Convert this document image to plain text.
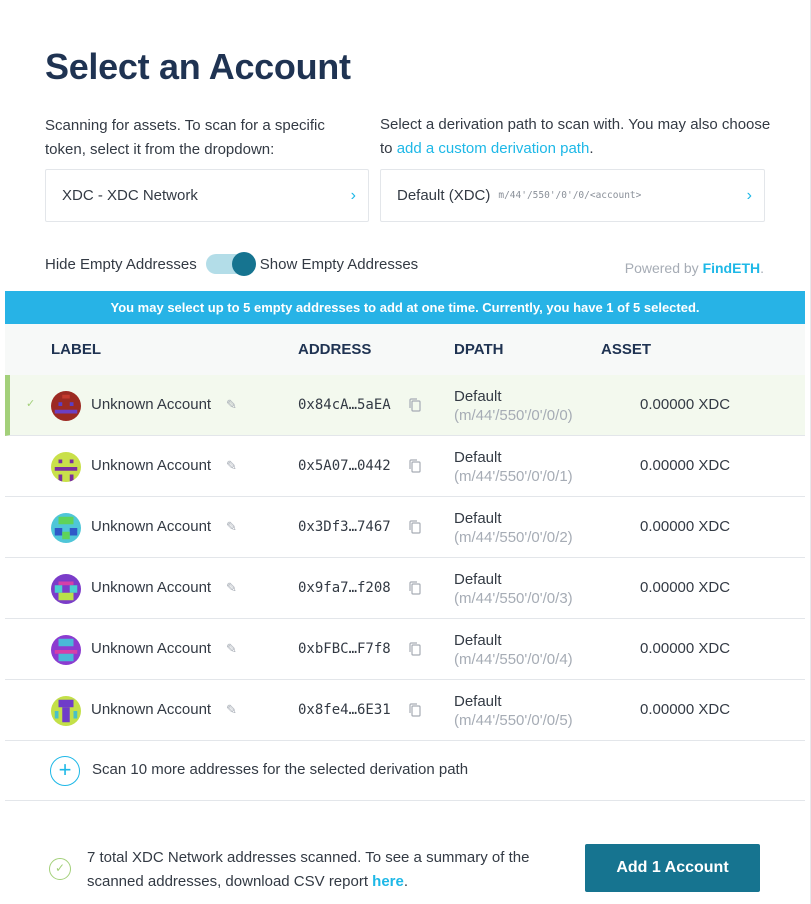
Select an Account

Scanning for assets. To scan for a specific token, select it from the dropdown:

Select a derivation path to scan with. You may also choose to add a custom derivation path.

XDC - XDC Network	›	Default (XDC) m/44'/550'/0'/0/<account>	›
Hide Empty Addresses	Show Empty Addresses	Powered by FindETH.
You may select up to 5 empty addresses to add at one time. Currently, you have 1 of 5 selected.
LABEL	ADDRESS	DPATH	ASSET
✓	Unknown Account ✎	0x84cA…5aEA	Default
(m/44'/550'/0'/0/0)
0.00000 XDC
Unknown Account ✎	0x5A07…0442	Default
(m/44'/550'/0'/0/1)
0.00000 XDC
Unknown Account ✎	0x3Df3…7467	Default
(m/44'/550'/0'/0/2)
0.00000 XDC
Unknown Account ✎	0x9fa7…f208	Default
(m/44'/550'/0'/0/3)
0.00000 XDC
Unknown Account ✎	0xbFBC…F7f8	Default
(m/44'/550'/0'/0/4)
0.00000 XDC
Unknown Account ✎	0x8fe4…6E31	Default
(m/44'/550'/0'/0/5)
0.00000 XDC
+	Scan 10 more addresses for the selected derivation path
✓

7 total XDC Network addresses scanned. To see a summary of the scanned addresses, download CSV report here.

Add 1 Account
